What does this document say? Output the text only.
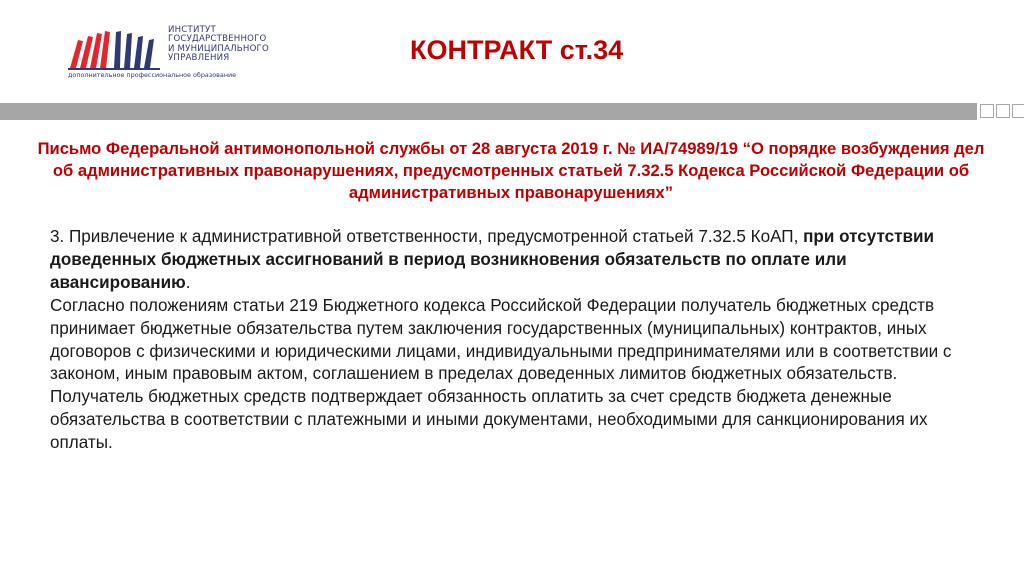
ИНСТИТУТ
ГОСУДАРСТВЕННОГО
И МУНИЦИПАЛЬНОГО
УПРАВЛЕНИЯ
дополнительное профессиональное образование
КОНТРАКТ ст.34
Письмо Федеральной антимонопольной службы от 28 августа 2019 г. № ИА/74989/19 “О порядке возбуждения дел об административных правонарушениях, предусмотренных статьей 7.32.5 Кодекса Российской Федерации об административных правонарушениях”

3. Привлечение к административной ответственности, предусмотренной статьей 7.32.5 КоАП, при отсутствии доведенных бюджетных ассигнований в период возникновения обязательств по оплате или авансированию.

Согласно положениям статьи 219 Бюджетного кодекса Российской Федерации получатель бюджетных средств принимает бюджетные обязательства путем заключения государственных (муниципальных) контрактов, иных договоров с физическими и юридическими лицами, индивидуальными предпринимателями или в соответствии с законом, иным правовым актом, соглашением в пределах доведенных лимитов бюджетных обязательств.

Получатель бюджетных средств подтверждает обязанность оплатить за счет средств бюджета денежные обязательства в соответствии с платежными и иными документами, необходимыми для санкционирования их оплаты.
